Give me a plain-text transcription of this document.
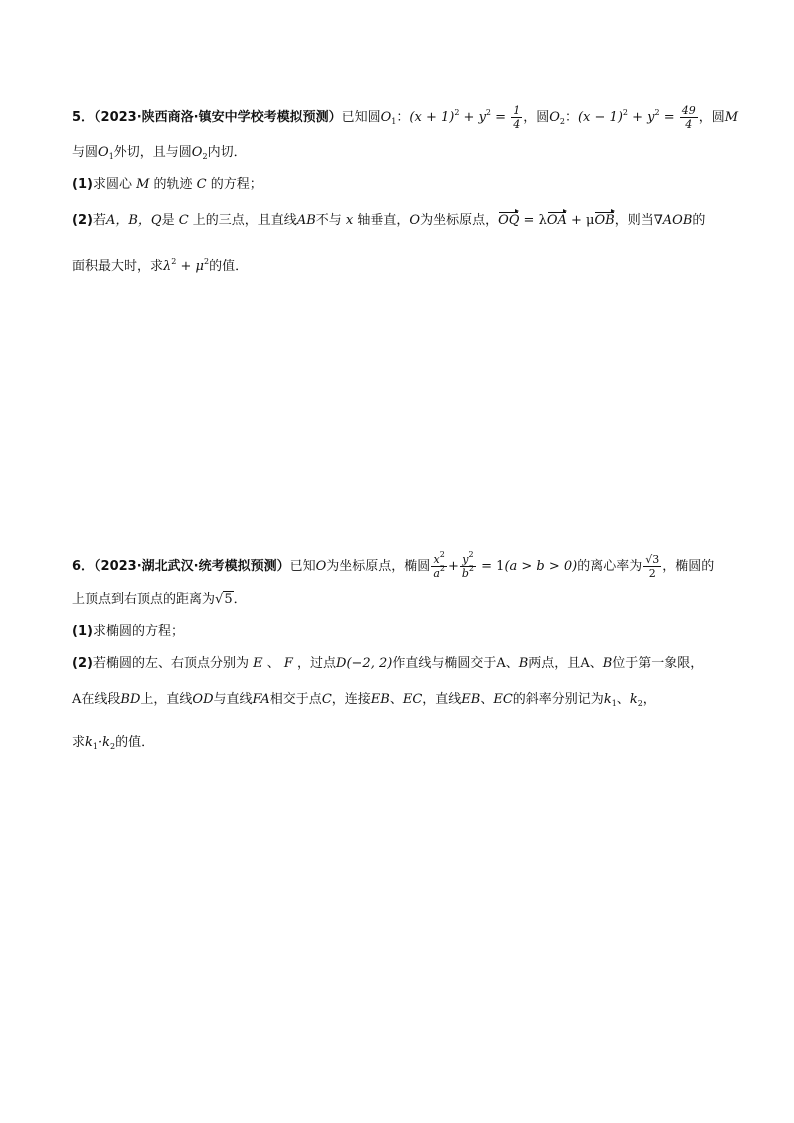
5．（2023·陕西商洛·镇安中学校考模拟预测）已知圆$O_1$：$(x + 1)^2 + y^2 = \frac{1}{4}$ ，圆$O_2$：$(x - 1)^2 + y^2 = \frac{49}{4}$ ，圆M
与圆$O_1$外切，且与圆$O_2$内切．
(1)求圆心 M 的轨迹 C 的方程；
(2)若A，B，Q是 C 上的三点，且直线AB不与 x 轴垂直，O为坐标原点，OQ = λOA + μOB，则当∇AOB的
面积最大时，求$\lambda^2 + \mu^2$的值．
6．（2023·湖北武汉·统考模拟预测）已知O为坐标原点，椭圆 $\frac{x^2}{a^2} + \frac{y^2}{b^2} = 1(a > b > 0)$的离心率为 $\frac{√3}{2}$ ，椭圆的
上顶点到右顶点的距离为√5．
(1)求椭圆的方程；
(2)若椭圆的左、右顶点分别为 E 、 F ，过点D(−2, 2)作直线与椭圆交于A、B两点，且A、B位于第一象限，
A在线段BD上，直线OD与直线FA相交于点C，连接EB、EC，直线EB、EC的斜率分别记为$k_1$、$k_2$，
求$k_1\cdot k_2$的值．
